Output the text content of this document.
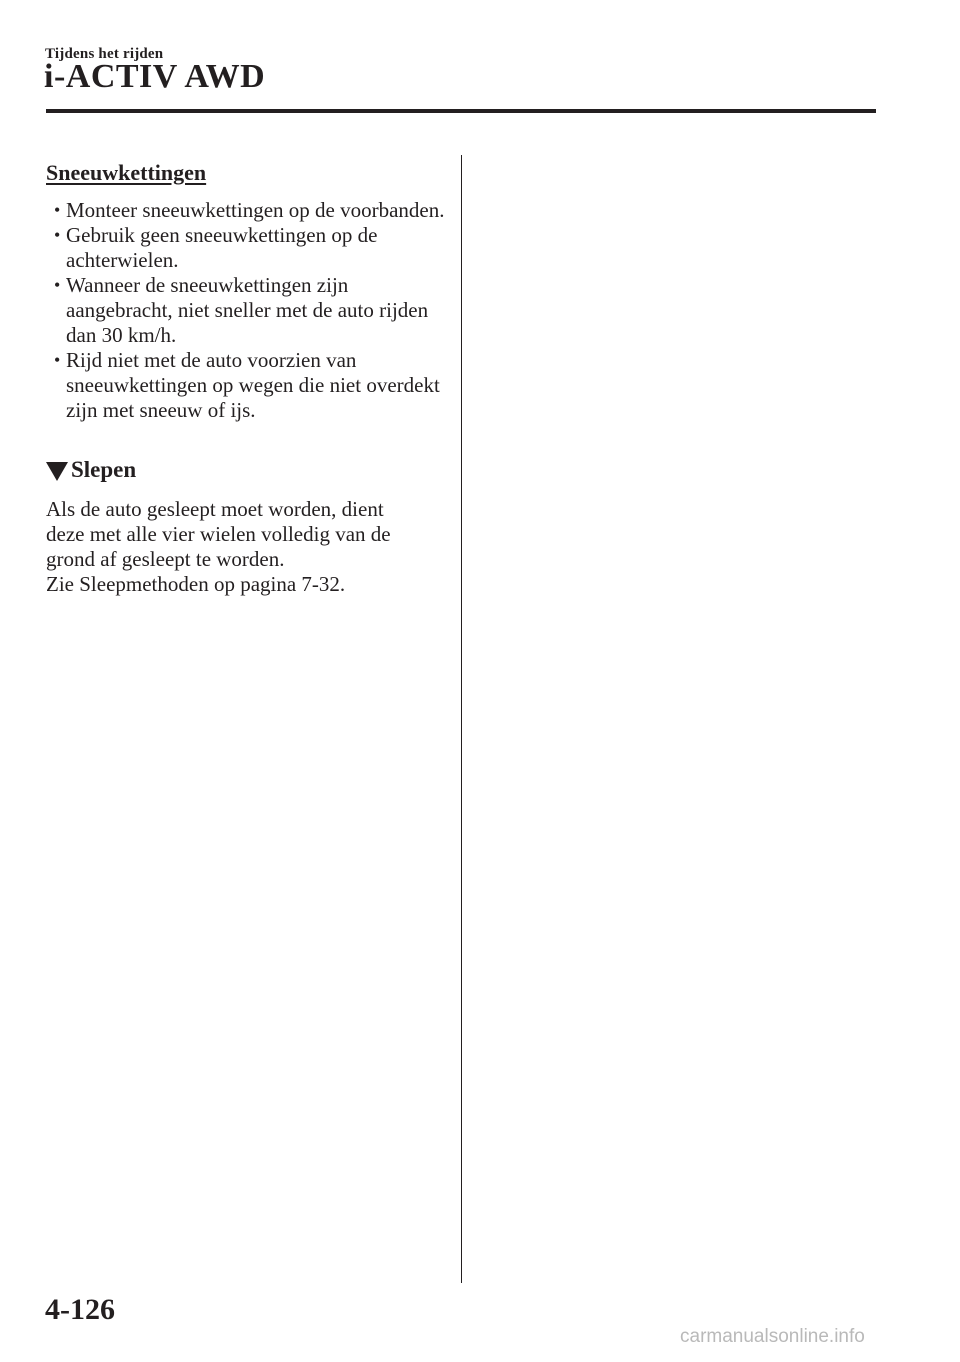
Tijdens het rijden
i-ACTIV AWD
Sneeuwkettingen
• Monteer sneeuwkettingen op de voorbanden.
• Gebruik geen sneeuwkettingen op de achterwielen.
• Wanneer de sneeuwkettingen zijn aangebracht, niet sneller met de auto rijden dan 30 km/h.
• Rijd niet met de auto voorzien van sneeuwkettingen op wegen die niet overdekt zijn met sneeuw of ijs.
Slepen

Als de auto gesleept moet worden, dient
deze met alle vier wielen volledig van de
grond af gesleept te worden.
Zie Sleepmethoden op pagina 7-32.

4-126
carmanualsonline.info
